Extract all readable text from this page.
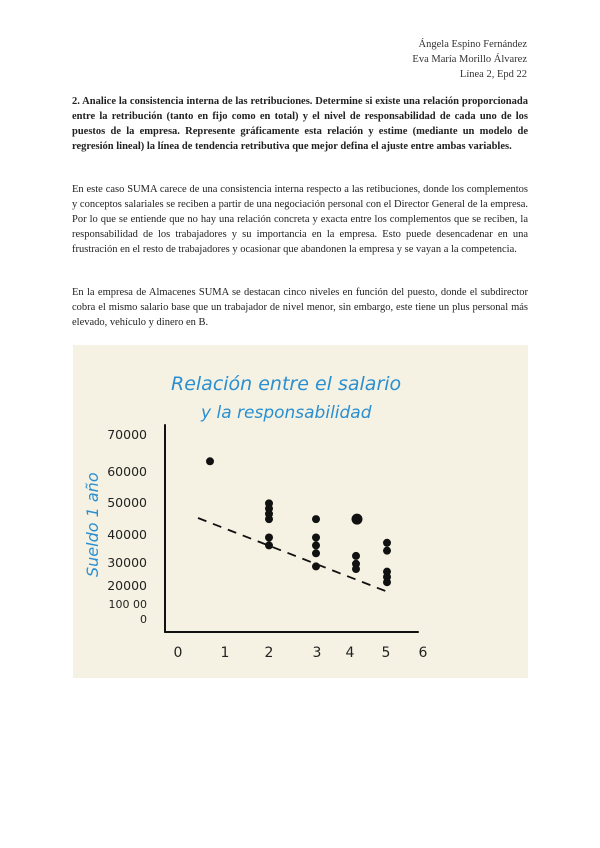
Ángela Espino Fernández
Eva María Morillo Álvarez
Línea 2, Epd 22
2. Analice la consistencia interna de las retribuciones. Determine si existe una relación proporcionada entre la retribución (tanto en fijo como en total) y el nivel de responsabilidad de cada uno de los puestos de la empresa. Represente gráficamente esta relación y estime (mediante un modelo de regresión lineal) la línea de tendencia retributiva que mejor defina el ajuste entre ambas variables.
En este caso SUMA carece de una consistencia interna respecto a las retibuciones, donde los complementos y conceptos salariales se reciben a partir de una negociación personal con el Director General de la empresa. Por lo que se entiende que no hay una relación concreta y exacta entre los complementos que se reciben, la responsabilidad de los trabajadores y su importancia en la empresa. Esto puede desencadenar en una frustración en el resto de trabajadores y ocasionar que abandonen la empresa y se vayan a la competencia.
En la empresa de Almacenes SUMA se destacan cinco niveles en función del puesto, donde el subdirector cobra el mismo salario base que un trabajador de nivel menor, sin embargo, este tiene un plus personal más elevado, vehículo y dinero en B.
Relación entre el salario
y la responsabilidad
Sueldo 1 año
70000
60000
50000
40000
30000
20000
100 00
0
0	1	2	3 4 5 6
